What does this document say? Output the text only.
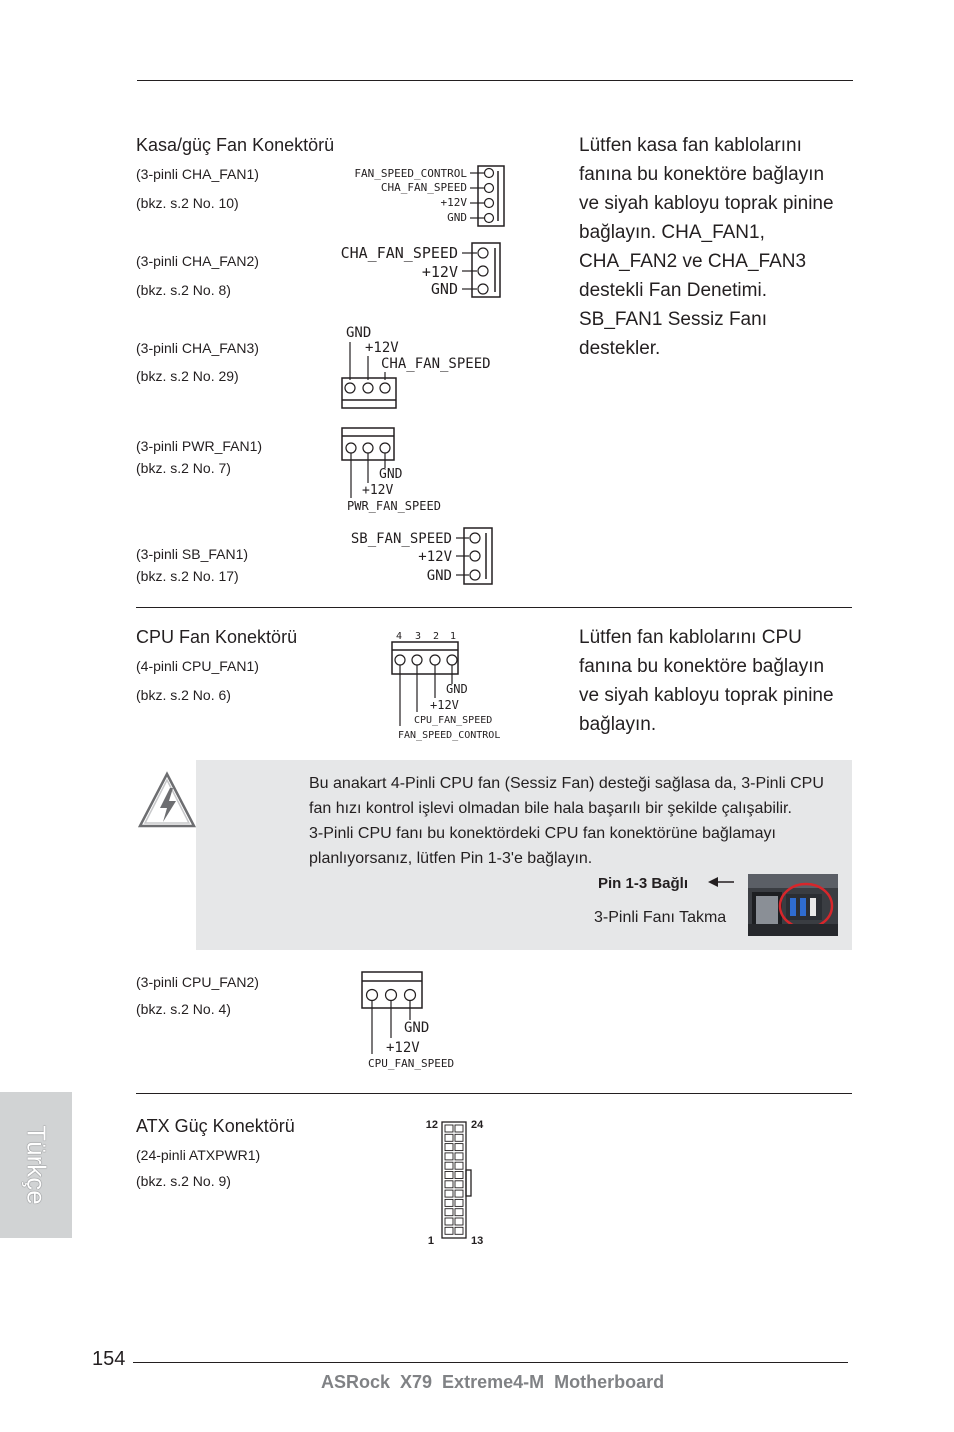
Kasa/güç Fan Konektörü
(3-pinli CHA_FAN1)
(bkz. s.2 No. 10)
(3-pinli CHA_FAN2)
(bkz. s.2 No. 8)
(3-pinli CHA_FAN3)
(bkz. s.2 No. 29)
(3-pinli PWR_FAN1)
(bkz. s.2 No. 7)
(3-pinli SB_FAN1)
(bkz. s.2 No. 17)
Lütfen kasa fan kablolarını
fanına bu konektöre bağlayın
ve siyah kabloyu toprak pinine
bağlayın. CHA_FAN1,
CHA_FAN2 ve CHA_FAN3
destekli Fan Denetimi.
SB_FAN1 Sessiz Fanı
destekler.
FAN_SPEED_CONTROL
CHA_FAN_SPEED
+12V
GND
CHA_FAN_SPEED
+12V
GND
GND
+12V
CHA_FAN_SPEED
GND
+12V
PWR_FAN_SPEED
SB_FAN_SPEED
+12V
GND
CPU Fan Konektörü
(4-pinli CPU_FAN1)
(bkz. s.2 No. 6)
4 3 2 1
GND
+12V
CPU_FAN_SPEED
FAN_SPEED_CONTROL
Lütfen fan kablolarını CPU
fanına bu konektöre bağlayın
ve siyah kabloyu toprak pinine
bağlayın.
Bu anakart 4-Pinli CPU fan (Sessiz Fan) desteği sağlasa da, 3-Pinli CPU
fan hızı kontrol işlevi olmadan bile hala başarılı bir şekilde çalışabilir.
3-Pinli CPU fanı bu konektördeki CPU fan konektörüne bağlamayı
planlıyorsanız, lütfen Pin 1-3'e bağlayın.
Pin 1-3 Bağlı
3-Pinli Fanı Takma
(3-pinli CPU_FAN2)
(bkz. s.2 No. 4)
GND
+12V
CPU_FAN_SPEED
ATX Güç Konektörü
(24-pinli ATXPWR1)
(bkz. s.2 No. 9)
12	24
1	13
Türkçe
154
ASRock  X79  Extreme4-M  Motherboard
